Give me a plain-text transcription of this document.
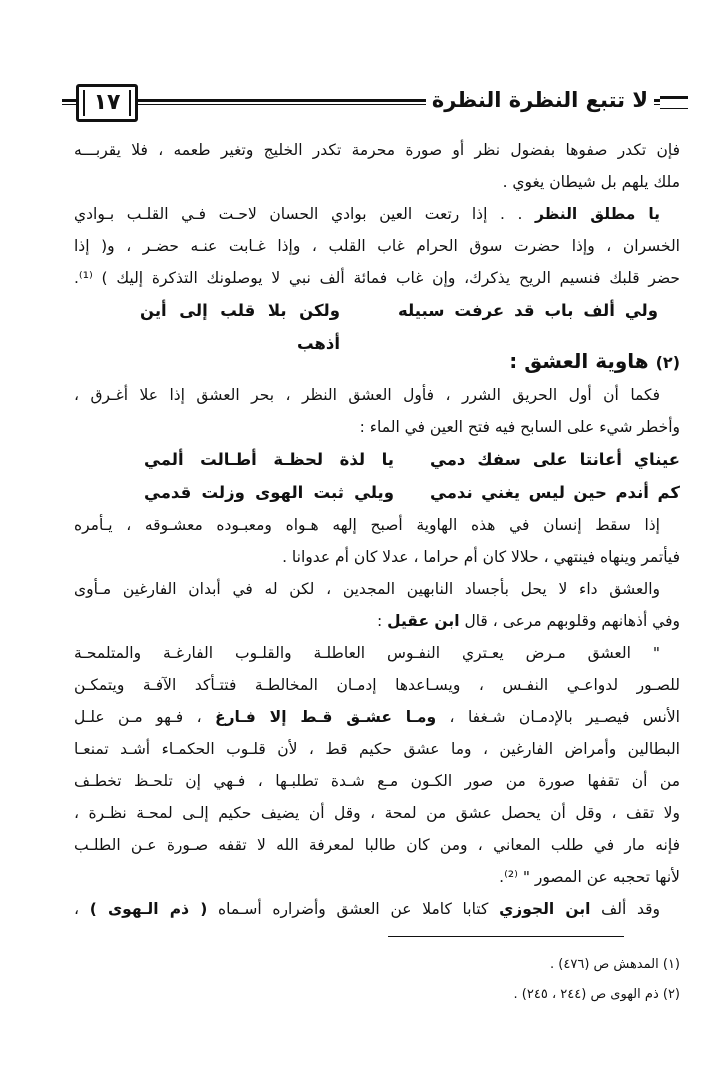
١٧	لا تتبع النظرة النظرة
فإن تكدر صفوها بفضول نظر أو صورة محرمة تكدر الخليج وتغير طعمه ، فلا يقربـــه
ملك يلهم بل شيطان يغوي .
يا مطلق النظر . . إذا رتعت العين بوادي الحسان لاحـت فـي القلـب بـوادي
الخسران ، وإذا حضرت سوق الحرام غاب القلب ، وإذا غـابت عنـه حضـر ، و( إذا
حضر قلبك فنسيم الريح يذكرك، وإن غاب فمائة ألف نبي لا يوصلونك التذكرة إليك ) ⁽¹⁾.
ولي ألف باب قد عرفت سبيله
ولكن بلا قلب إلى أين أذهب
(٢) هاوية العشق :
فكما أن أول الحريق الشرر ، فأول العشق النظر ، بحر العشق إذا علا أغـرق ،
وأخطر شيء على السابح فيه فتح العين في الماء :
عيناي أعانتا على سفك دمي
يا لذة لحظـة أطـالت ألمي
كم أندم حين ليس يغني ندمي
ويلي ثبت الهوى وزلت قدمي
إذا سقط إنسان في هذه الهاوية أصبح إلهه هـواه ومعبـوده معشـوقه ، يـأمره
فيأتمر وينهاه فينتهي ، حلالا كان أم حراما ، عدلا كان أم عدوانا .
والعشق داء لا يحل بأجساد النابهين المجدين ، لكن له في أبدان الفارغين مـأوى
وفي أذهانهم وقلوبهم مرعى ، قال ابن عقيل :
" العشق مـرض يعـتري النفـوس العاطلـة والقلـوب الفارغـة والمتلمحـة
للصـور لدواعـي النفـس ، ويسـاعدها إدمـان المخالطـة فتتـأكد الآفـة ويتمكـن
الأنس فيصـير بالإدمـان شـغفا ، ومـا عشـق قـط إلا فـارغ ، فـهو مـن علـل
البطالين وأمراض الفارغين ، وما عشق حكيم قط ، لأن قلـوب الحكمـاء أشـد تمنعـا
من أن تقفها صورة من صور الكـون مـع شـدة تطلبـها ، فـهي إن تلحـظ تخطـف
ولا تقف ، وقل أن يحصل عشق من لمحة ، وقل أن يضيف حكيم إلـى لمحـة نظـرة ،
فإنه مار في طلب المعاني ، ومن كان طالبا لمعرفة الله لا تقفه صـورة عـن الطلـب
لأنها تحجبه عن المصور " ⁽²⁾.
وقد ألف ابن الجوزي كتابا كاملا عن العشق وأضراره أسـماه ( ذم الـهوى ) ،
(١) المدهش ص (٤٧٦) .
(٢) ذم الهوى ص (٢٤٤ ، ٢٤٥) .
